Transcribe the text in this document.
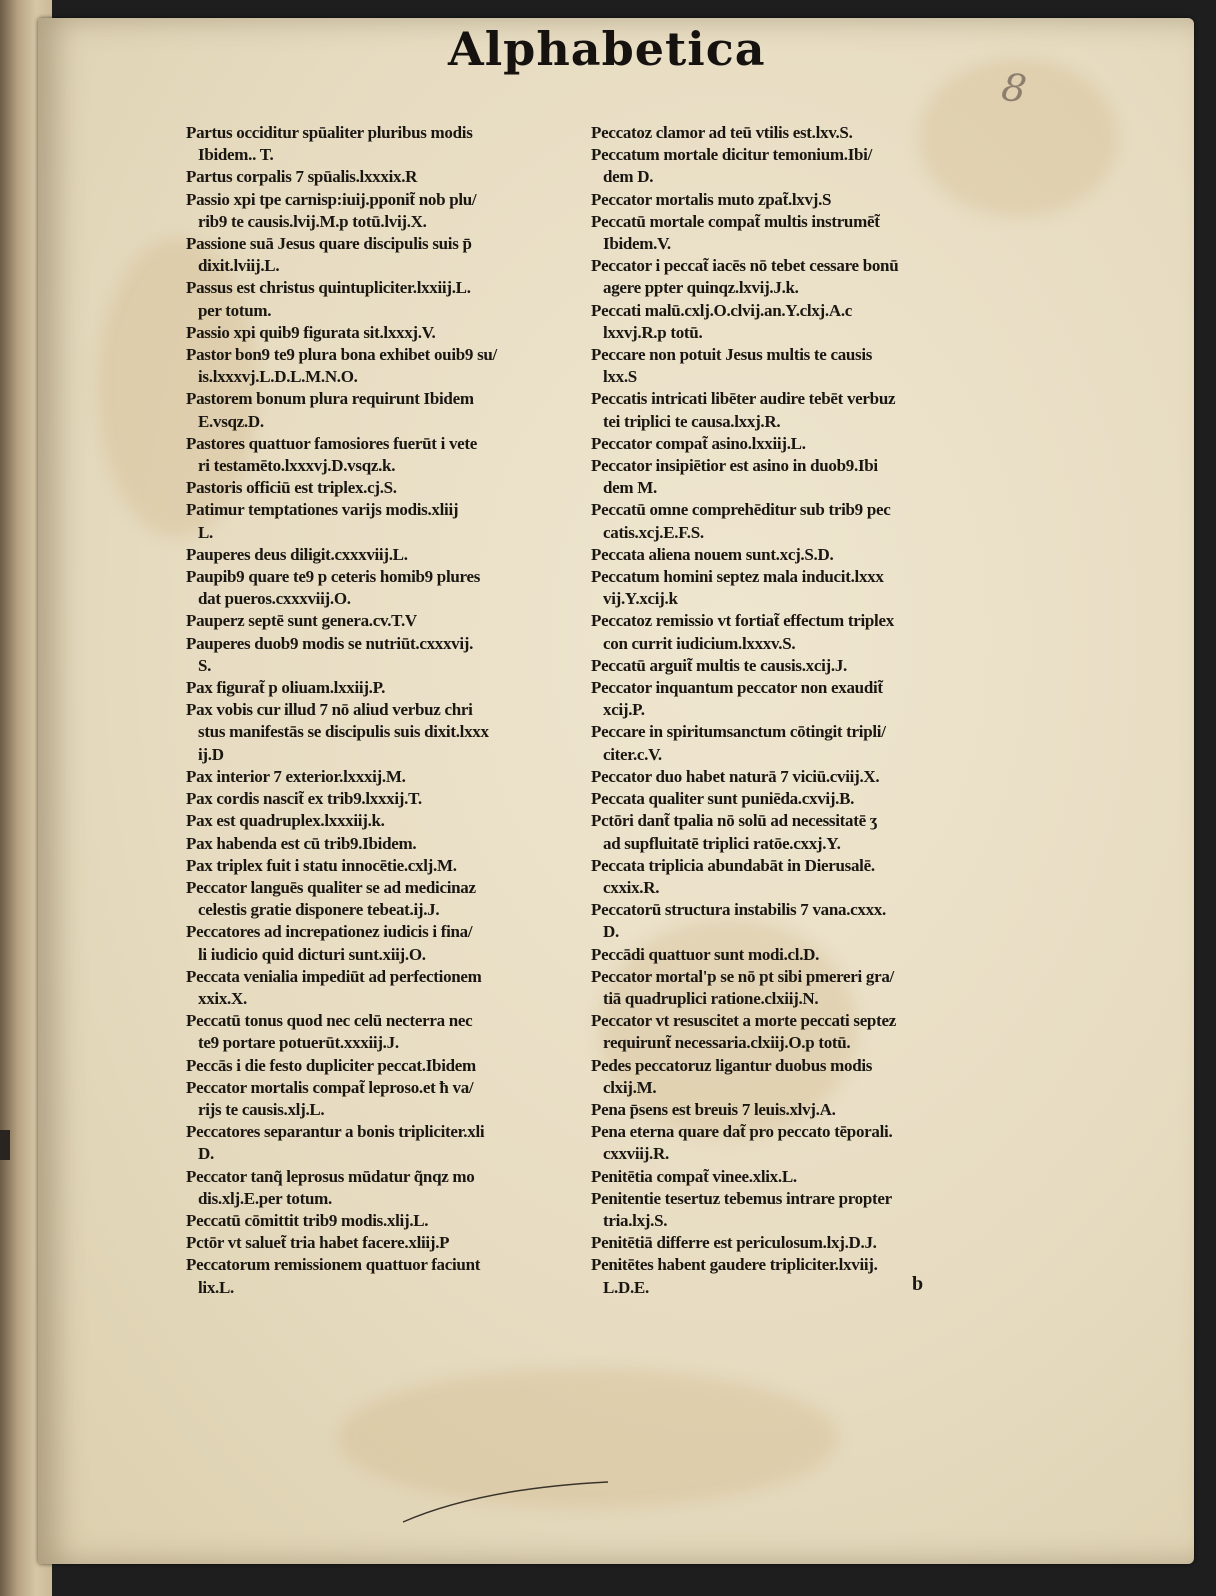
Alphabetica
8

Partus occiditur spūaliter pluribus modis
Ibidem.. T.

Partus corpalis 7 spūalis.lxxxix.R

Passio xpi tpe carnisp:iuij.pponit̃ nob plu/
rib9 te causis.lvij.M.p totū.lvij.X.

Passione suā Jesus quare discipulis suis p̄
dixit.lviij.L.

Passus est christus quintupliciter.lxxiij.L.
per totum.

Passio xpi quib9 figurata sit.lxxxj.V.

Pastor bon9 te9 plura bona exhibet ouib9 su/
is.lxxxvj.L.D.L.M.N.O.

Pastorem bonum plura requirunt Ibidem
E.vsqz.D.

Pastores quattuor famosiores fuerūt i vete
ri testamēto.lxxxvj.D.vsqz.k.

Pastoris officiū est triplex.cj.S.

Patimur temptationes varijs modis.xliij
L.

Pauperes deus diligit.cxxxviij.L.

Paupib9 quare te9 p ceteris homib9 plures
dat pueros.cxxxviij.O.

Pauperz septē sunt genera.cv.T.V

Pauperes duob9 modis se nutriūt.cxxxvij.
S.

Pax figurat̃ p oliuam.lxxiij.P.

Pax vobis cur illud 7 nō aliud verbuz chri
stus manifestās se discipulis suis dixit.lxxx
ij.D

Pax interior 7 exterior.lxxxij.M.

Pax cordis nascit̃ ex trib9.lxxxij.T.

Pax est quadruplex.lxxxiij.k.

Pax habenda est cū trib9.Ibidem.

Pax triplex fuit i statu innocētie.cxlj.M.

Peccator languēs qualiter se ad medicinaz
celestis gratie disponere tebeat.ij.J.

Peccatores ad increpationez iudicis i fina/
li iudicio quid dicturi sunt.xiij.O.

Peccata venialia impediūt ad perfectionem
xxix.X.

Peccatū tonus quod nec celū necterra nec
te9 portare potuerūt.xxxiij.J.

Peccās i die festo dupliciter peccat.Ibidem

Peccator mortalis compat̃ leproso.et ħ va/
rijs te causis.xlj.L.

Peccatores separantur a bonis tripliciter.xli
D.

Peccator tanq̃ leprosus mūdatur q̃nqz mo
dis.xlj.E.per totum.

Peccatū cōmittit trib9 modis.xlij.L.

Pctōr vt saluet̃ tria habet facere.xliij.P

Peccatorum remissionem quattuor faciunt
lix.L.

Peccatoz clamor ad teū vtilis est.lxv.S.

Peccatum mortale dicitur temonium.Ibi/
dem D.

Peccator mortalis muto zpat̃.lxvj.S

Peccatū mortale compat̃ multis instrumēt̃
Ibidem.V.

Peccator i peccat̃ iacēs nō tebet cessare bonū
agere ppter quinqz.lxvij.J.k.

Peccati malū.cxlj.O.clvij.an.Y.clxj.A.c
lxxvj.R.p totū.

Peccare non potuit Jesus multis te causis
lxx.S

Peccatis intricati libēter audire tebēt verbuz
tei triplici te causa.lxxj.R.

Peccator compat̃ asino.lxxiij.L.

Peccator insipiētior est asino in duob9.Ibi
dem M.

Peccatū omne comprehēditur sub trib9 pec
catis.xcj.E.F.S.

Peccata aliena nouem sunt.xcj.S.D.

Peccatum homini septez mala inducit.lxxx
vij.Y.xcij.k

Peccatoz remissio vt fortiat̃ effectum triplex
con currit iudicium.lxxxv.S.

Peccatū arguit̃ multis te causis.xcij.J.

Peccator inquantum peccator non exaudit̃
xcij.P.

Peccare in spiritumsanctum cōtingit tripli/
citer.c.V.

Peccator duo habet naturā 7 viciū.cviij.X.

Peccata qualiter sunt puniēda.cxvij.B.

Pctōri dant̃ tpalia nō solū ad necessitatē ʒ
ad supfluitatē triplici ratōe.cxxj.Y.

Peccata triplicia abundabāt in Dierusalē.
cxxix.R.

Peccatorū structura instabilis 7 vana.cxxx.
D.

Peccādi quattuor sunt modi.cl.D.

Peccator mortal'p se nō pt sibi pmereri gra/
tiā quadruplici ratione.clxiij.N.

Peccator vt resuscitet a morte peccati septez
requirunt̃ necessaria.clxiij.O.p totū.

Pedes peccatoruz ligantur duobus modis
clxij.M.

Pena p̄sens est breuis 7 leuis.xlvj.A.

Pena eterna quare dat̃ pro peccato tēporali.
cxxviij.R.

Penitētia compat̃ vinee.xlix.L.

Penitentie tesertuz tebemus intrare propter
tria.lxj.S.

Penitētiā differre est periculosum.lxj.D.J.

Penitētes habent gaudere tripliciter.lxviij.
L.D.E.	b
